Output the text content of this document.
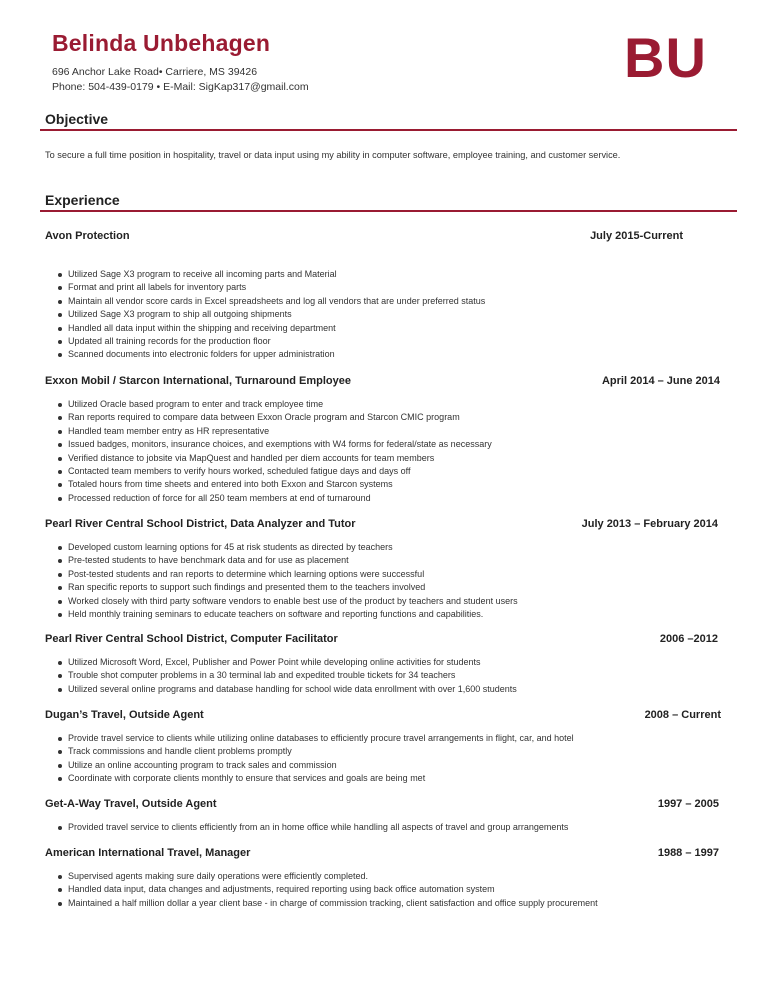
Belinda Unbehagen
696 Anchor Lake Road• Carriere, MS 39426
Phone: 504-439-0179 • E-Mail: SigKap317@gmail.com	BU
Objective
To secure a full time position in hospitality, travel or data input using my ability in computer software, employee training, and customer service.
Experience
Avon Protection	July 2015-Current
Utilized Sage X3 program to receive all incoming parts and Material
Format and print all labels for inventory parts
Maintain all vendor score cards in Excel spreadsheets and log all vendors that are under preferred status
Utilized Sage X3 program to ship all outgoing shipments
Handled all data input within the shipping and receiving department
Updated all training records for the production floor
Scanned documents into electronic folders for upper administration
Exxon Mobil / Starcon International, Turnaround Employee	April 2014 – June 2014
Utilized Oracle based program to enter and track employee time
Ran reports required to compare data between Exxon Oracle program and Starcon CMIC program
Handled team member entry as HR representative
Issued badges, monitors, insurance choices, and exemptions with W4 forms for federal/state as necessary
Verified distance to jobsite via MapQuest and handled per diem accounts for team members
Contacted team members to verify hours worked, scheduled fatigue days and days off
Totaled hours from time sheets and entered into both Exxon and Starcon systems
Processed reduction of force for all 250 team members at end of turnaround
Pearl River Central School District, Data Analyzer and Tutor	July 2013 – February 2014
Developed custom learning options for 45 at risk students as directed by teachers
Pre-tested students to have benchmark data and for use as placement
Post-tested students and ran reports to determine which learning options were successful
Ran specific reports to support such findings and presented them to the teachers involved
Worked closely with third party software vendors to enable best use of the product by teachers and student users
Held monthly training seminars to educate teachers on software and reporting functions and capabilities.
Pearl River Central School District, Computer Facilitator	2006 –2012
Utilized Microsoft Word, Excel, Publisher and Power Point while developing online activities for students
Trouble shot computer problems in a 30 terminal lab and expedited trouble tickets for 34 teachers
Utilized several online programs and database handling for school wide data enrollment with over 1,600 students
Dugan’s Travel, Outside Agent	2008 – Current
Provide travel service to clients while utilizing online databases to efficiently procure travel arrangements in flight, car, and hotel
Track commissions and handle client problems promptly
Utilize an online accounting program to track sales and commission
Coordinate with corporate clients monthly to ensure that services and goals are being met
Get-A-Way Travel, Outside Agent	1997 – 2005
Provided travel service to clients efficiently from an in home office while handling all aspects of travel and group arrangements
American International Travel, Manager	1988 – 1997
Supervised agents making sure daily operations were efficiently completed.
Handled data input, data changes and adjustments, required reporting using back office automation system
Maintained a half million dollar a year client base - in charge of commission tracking, client satisfaction and office supply procurement
